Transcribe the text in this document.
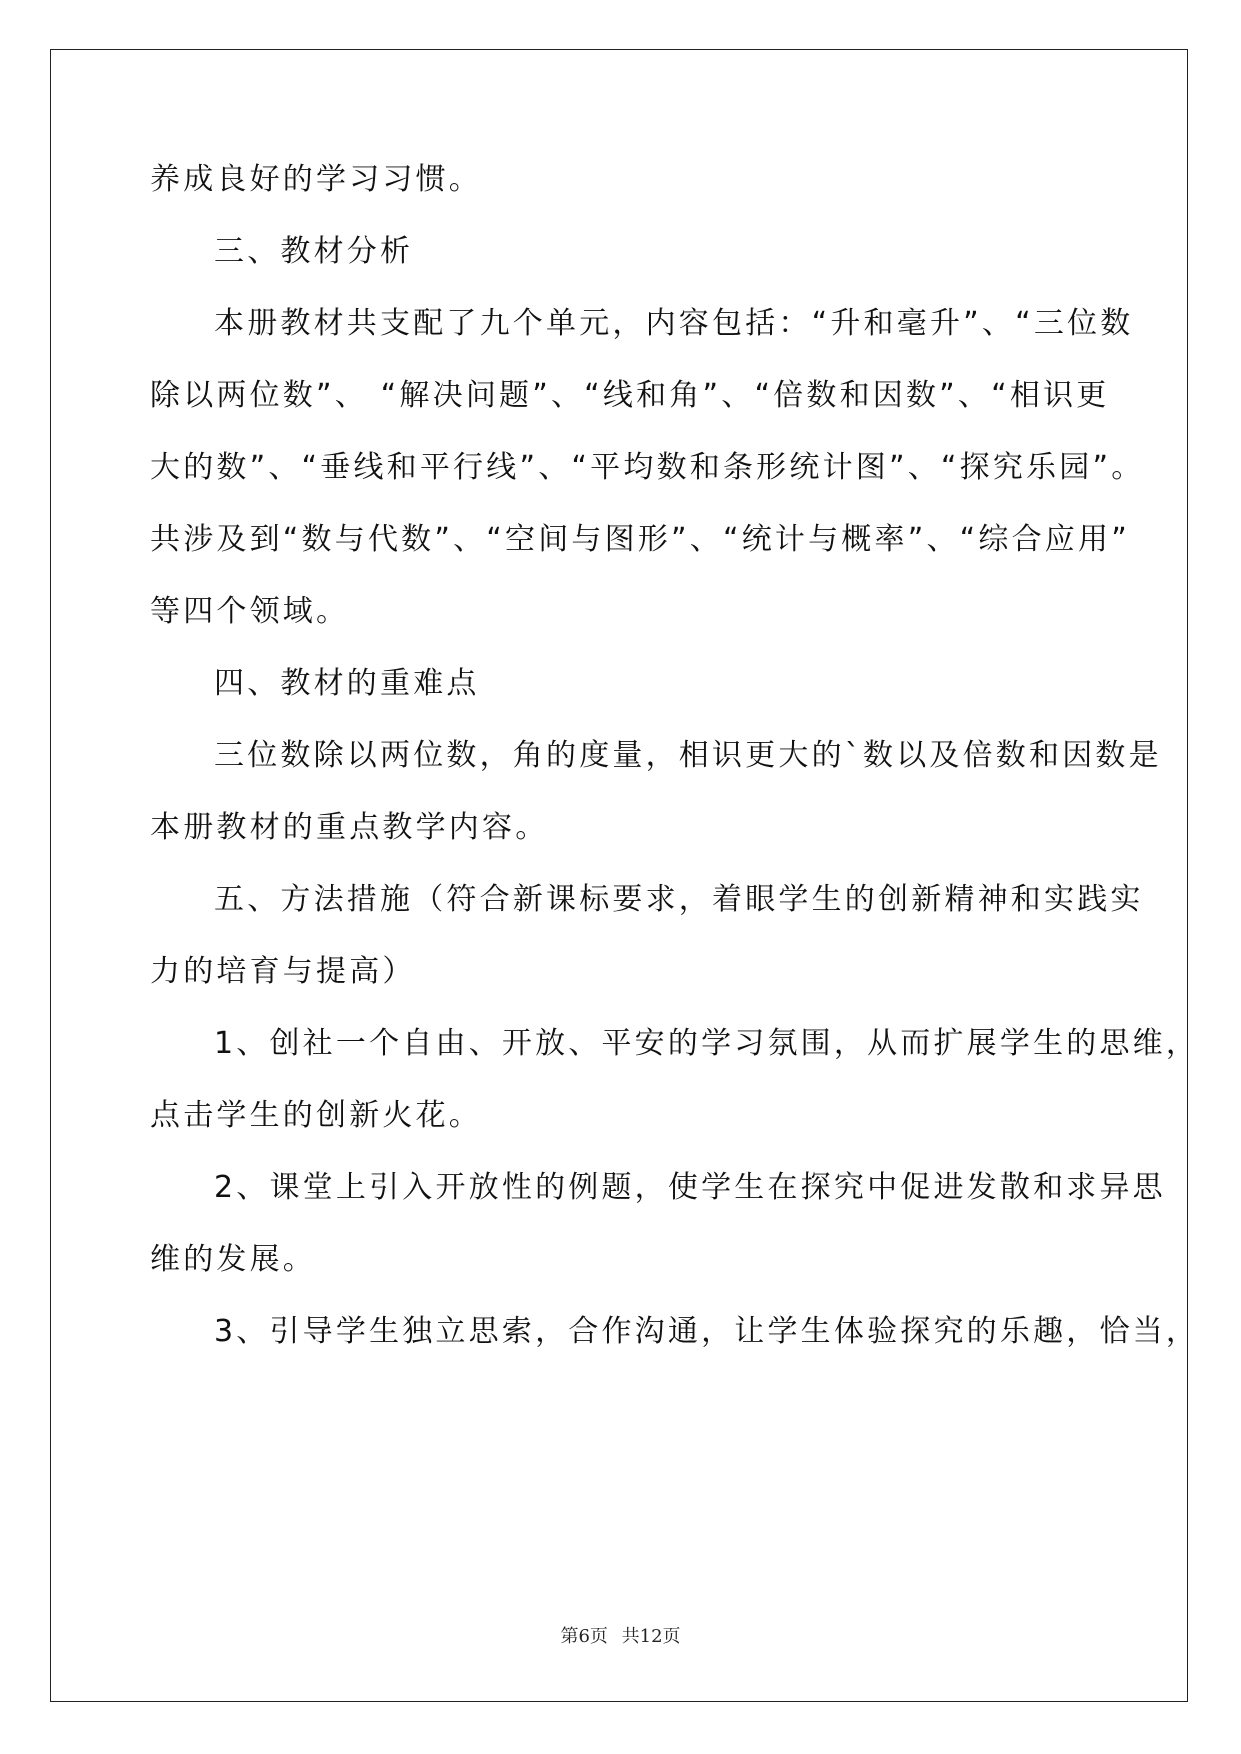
养成良好的学习习惯。
三、教材分析
本册教材共支配了九个单元，内容包括：“升和毫升”、“三位数
除以两位数”、 “解决问题”、“线和角”、“倍数和因数”、“相识更
大的数”、“垂线和平行线”、“平均数和条形统计图”、“探究乐园”。
共涉及到“数与代数”、“空间与图形”、“统计与概率”、“综合应用”
等四个领域。
四、教材的重难点
三位数除以两位数，角的度量，相识更大的`数以及倍数和因数是
本册教材的重点教学内容。
五、方法措施（符合新课标要求，着眼学生的创新精神和实践实
力的培育与提高）
1、创社一个自由、开放、平安的学习氛围，从而扩展学生的思维，
点击学生的创新火花。
2、课堂上引入开放性的例题，使学生在探究中促进发散和求异思
维的发展。
3、引导学生独立思索，合作沟通，让学生体验探究的乐趣，恰当，
第6页 共12页
